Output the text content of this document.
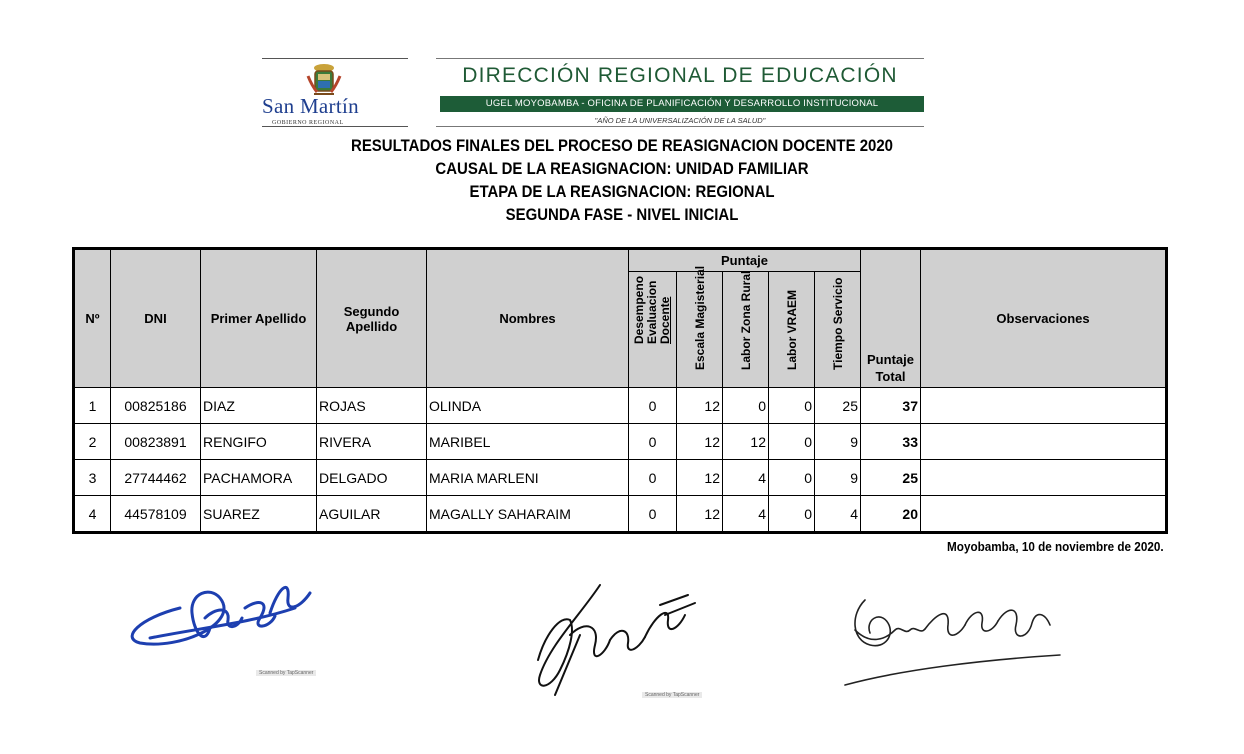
San Martín
GOBIERNO REGIONAL
DIRECCIÓN REGIONAL DE EDUCACIÓN
UGEL MOYOBAMBA - OFICINA DE PLANIFICACIÓN Y DESARROLLO INSTITUCIONAL
"AÑO DE LA UNIVERSALIZACIÓN DE LA SALUD"
RESULTADOS FINALES DEL PROCESO DE REASIGNACION DOCENTE 2020
CAUSAL DE LA REASIGNACION: UNIDAD FAMILIAR
ETAPA DE LA REASIGNACION: REGIONAL
SEGUNDA FASE - NIVEL INICIAL
Nº	DNI	Primer Apellido	Segundo Apellido	Nombres	Puntaje					Puntaje Total	Observaciones

					Desempeno Evaluacion Docente	Escala Magisterial	Labor Zona Rural	Labor VRAEM	Tiempo Servicio		

1	00825186	DIAZ	ROJAS	OLINDA	0	12	0	0	25	37	
2	00823891	RENGIFO	RIVERA	MARIBEL	0	12	12	0	9	33	
3	27744462	PACHAMORA	DELGADO	MARIA MARLENI	0	12	4	0	9	25	
4	44578109	SUAREZ	AGUILAR	MAGALLY SAHARAIM	0	12	4	0	4	20	
Moyobamba, 10 de noviembre de 2020.
Scanned by TapScanner
Scanned by TapScanner
